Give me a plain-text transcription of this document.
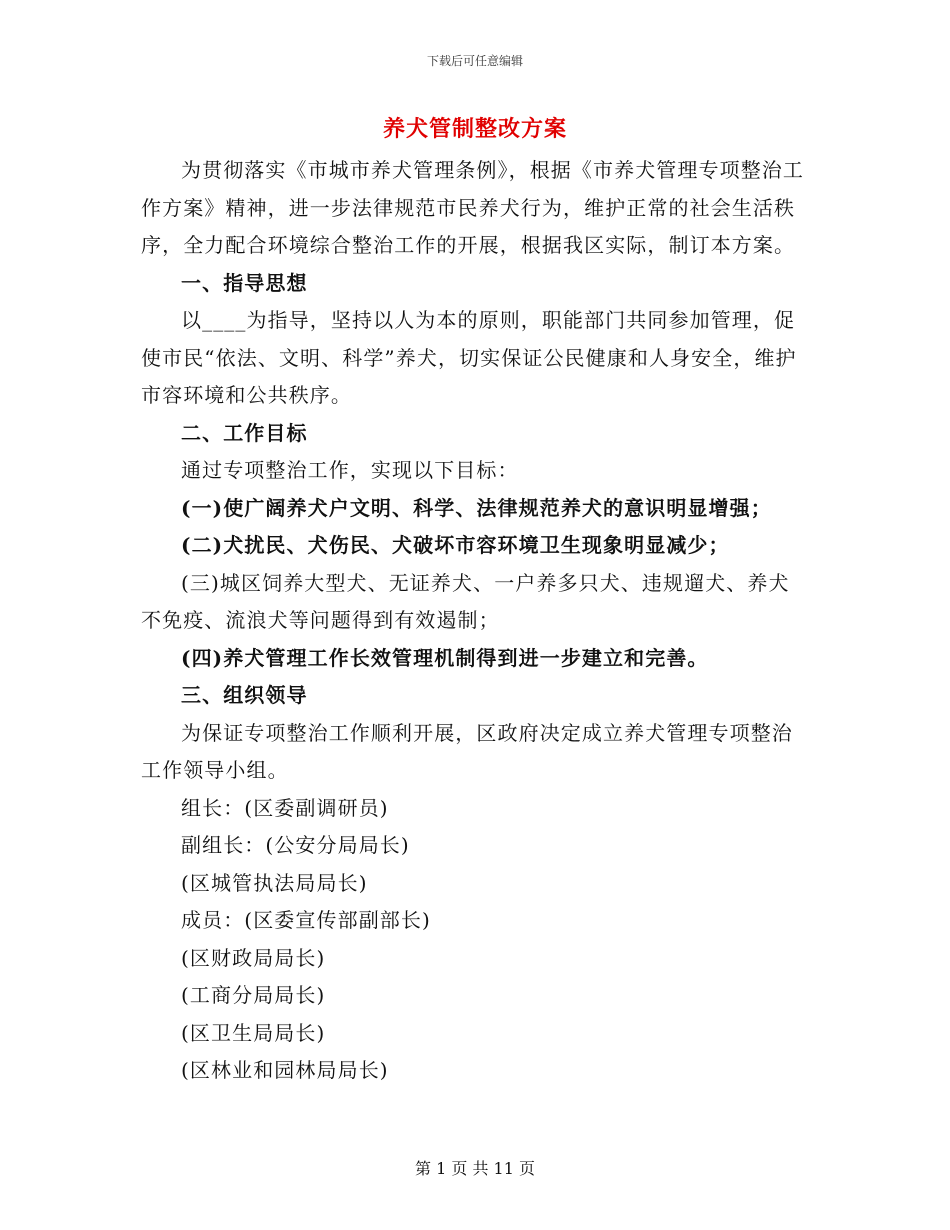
下载后可任意编辑
养犬管制整改方案

为贯彻落实《市城市养犬管理条例》，根据《市养犬管理专项整治工作方案》精神，进一步法律规范市民养犬行为，维护正常的社会生活秩序，全力配合环境综合整治工作的开展，根据我区实际，制订本方案。

一、指导思想

以____为指导，坚持以人为本的原则，职能部门共同参加管理，促使市民“依法、文明、科学”养犬，切实保证公民健康和人身安全，维护市容环境和公共秩序。

二、工作目标

通过专项整治工作，实现以下目标：

(一)使广阔养犬户文明、科学、法律规范养犬的意识明显增强；

(二)犬扰民、犬伤民、犬破坏市容环境卫生现象明显减少；

(三)城区饲养大型犬、无证养犬、一户养多只犬、违规遛犬、养犬不免疫、流浪犬等问题得到有效遏制；

(四)养犬管理工作长效管理机制得到进一步建立和完善。

三、组织领导

为保证专项整治工作顺利开展，区政府决定成立养犬管理专项整治工作领导小组。

组长：(区委副调研员)

副组长：(公安分局局长)

(区城管执法局局长)

成员：(区委宣传部副部长)

(区财政局局长)

(工商分局局长)

(区卫生局局长)

(区林业和园林局局长)

第 1 页 共 11 页
